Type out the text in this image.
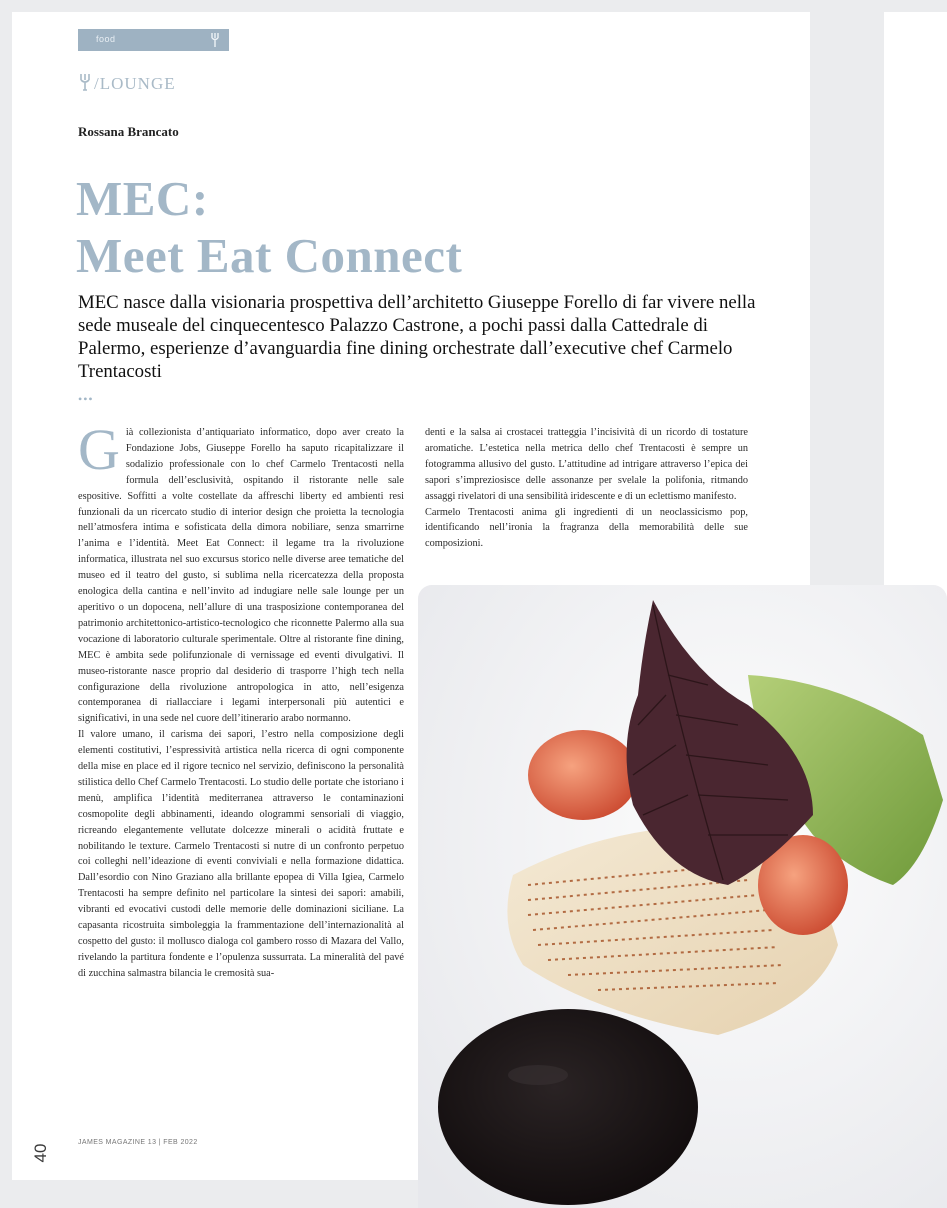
food
/LOUNGE
Rossana Brancato
MEC:
Meet Eat Connect
MEC nasce dalla visionaria prospettiva dell’architetto Giuseppe Forello di far vivere nella sede museale del cinquecentesco Palazzo Castrone, a pochi passi dalla Cattedrale di Palermo, esperienze d’avanguardia fine dining orchestrate dall’executive chef Carmelo Trentacosti
•••

Già collezionista d’antiquariato informatico, dopo aver creato la Fondazione Jobs, Giuseppe Forello ha saputo ricapitalizzare il sodalizio professionale con lo chef Carmelo Trentacosti nella formula dell’esclusività, ospitando il ristorante nelle sale espositive. Soffitti a volte costellate da affreschi liberty ed ambienti resi funzionali da un ricercato studio di interior design che proietta la tecnologia nell’atmosfera intima e sofisticata della dimora nobiliare, senza smarrirne l’anima e l’identità. Meet Eat Connect: il legame tra la rivoluzione informatica, illustrata nel suo excursus storico nelle diverse aree tematiche del museo ed il teatro del gusto, si sublima nella ricercatezza della proposta enologica della cantina e nell’invito ad indugiare nelle sale lounge per un aperitivo o un dopocena, nell’allure di una trasposizione contemporanea del patrimonio architettonico-artistico-tecnologico che riconnette Palermo alla sua vocazione di laboratorio culturale sperimentale. Oltre al ristorante fine dining, MEC è ambita sede polifunzionale di vernissage ed eventi divulgativi. Il museo-ristorante nasce proprio dal desiderio di trasporre l’high tech nella configurazione della rivoluzione antropologica in atto, nell’esigenza contemporanea di riallacciare i legami interpersonali più autentici e significativi, in una sede nel cuore dell’itinerario arabo normanno.

Il valore umano, il carisma dei sapori, l’estro nella composizione degli elementi costitutivi, l’espressività artistica nella ricerca di ogni componente della mise en place ed il rigore tecnico nel servizio, definiscono la personalità stilistica dello Chef Carmelo Trentacosti. Lo studio delle portate che istoriano i menù, amplifica l’identità mediterranea attraverso le contaminazioni cosmopolite degli abbinamenti, ideando ologrammi sensoriali di viaggio, ricreando elegantemente vellutate dolcezze minerali o acidità fruttate e nobilitando le texture. Carmelo Trentacosti si nutre di un confronto perpetuo coi colleghi nell’ideazione di eventi conviviali e nella formazione didattica. Dall’esordio con Nino Graziano alla brillante epopea di Villa Igiea, Carmelo Trentacosti ha sempre definito nel particolare la sintesi dei sapori: amabili, vibranti ed evocativi custodi delle memorie delle dominazioni siciliane. La capasanta ricostruita simboleggia la frammentazione dell’internazionalità al cospetto del gusto: il mollusco dialoga col gambero rosso di Mazara del Vallo, rivelando la partitura fondente e l’opulenza sussurrata. La mineralità del pavé di zucchina salmastra bilancia le cremosità sua-

denti e la salsa ai crostacei tratteggia l’incisività di un ricordo di tostature aromatiche. L’estetica nella metrica dello chef Trentacosti è sempre un fotogramma allusivo del gusto. L’attitudine ad intrigare attraverso l’epica dei sapori s’impreziosisce delle assonanze per svelale la polifonia, ritmando assaggi rivelatori di una sensibilità iridescente e di un eclettismo manifesto.

Carmelo Trentacosti anima gli ingredienti di un neoclassicismo pop, identificando nell’ironia la fragranza della memorabilità delle sue composizioni.

40
JAMES MAGAZINE 13 | FEB 2022
